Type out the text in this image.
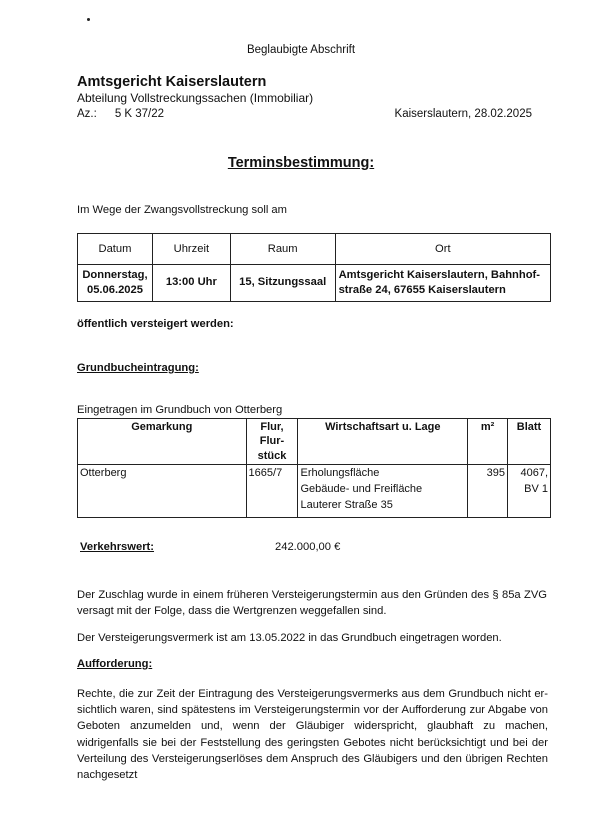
Beglaubigte Abschrift
Amtsgericht Kaiserslautern
Abteilung Vollstreckungssachen (Immobiliar)
Az.: 5 K 37/22	Kaiserslautern, 28.02.2025
Terminsbestimmung:
Im Wege der Zwangsvollstreckung soll am
Datum	Uhrzeit	Raum	Ort
Donnerstag,
05.06.2025	13:00 Uhr	15, Sitzungssaal	Amtsgericht Kaiserslautern, Bahnhof-
straße 24, 67655 Kaiserslautern
öffentlich versteigert werden:
Grundbucheintragung:
Eingetragen im Grundbuch von Otterberg
Gemarkung	Flur, Flur-
stück	Wirtschaftsart u. Lage	m²	Blatt
Otterberg	1665/7	Erholungsfläche
Gebäude- und Freifläche
Lauterer Straße 35	395	4067,
BV 1
Verkehrswert:	242.000,00 €
Der Zuschlag wurde in einem früheren Versteigerungstermin aus den Gründen des § 85a ZVG versagt mit der Folge, dass die Wertgrenzen weggefallen sind.
Der Versteigerungsvermerk ist am 13.05.2022 in das Grundbuch eingetragen worden.
Aufforderung:
Rechte, die zur Zeit der Eintragung des Versteigerungsvermerks aus dem Grundbuch nicht er-sichtlich waren, sind spätestens im Versteigerungstermin vor der Aufforderung zur Abgabe von Geboten anzumelden und, wenn der Gläubiger widerspricht, glaubhaft zu machen, widrigenfalls sie bei der Feststellung des geringsten Gebotes nicht berücksichtigt und bei der Verteilung des Versteigerungserlöses dem Anspruch des Gläubigers und den übrigen Rechten nachgesetzt
